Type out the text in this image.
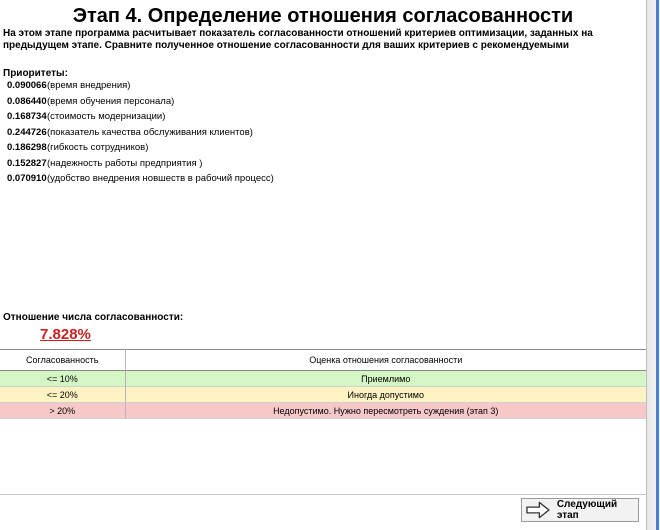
Этап 4. Определение отношения согласованности
На этом этапе программа расчитывает показатель согласованности отношений критериев оптимизации, заданных на предыдущем этапе. Сравните полученное отношение согласованности для ваших критериев с рекомендуемыми
Приоритеты:
0.090066 (время внедрения)
0.086440 (время обучения персонала)
0.168734 (стоимость модернизации)
0.244726 (показатель качества обслуживания клиентов)
0.186298 (гибкость сотрудников)
0.152827 (надежность работы предприятия )
0.070910 (удобство внедрения новшеств в рабочий процесс)
Отношение числа согласованности:
7.828%
Согласованность	Оценка отношения согласованности
<= 10%	Приемлимо
<= 20%	Иногда допустимо
> 20%	Недопустимо. Нужно пересмотреть суждения (этап 3)
Следующий этап
